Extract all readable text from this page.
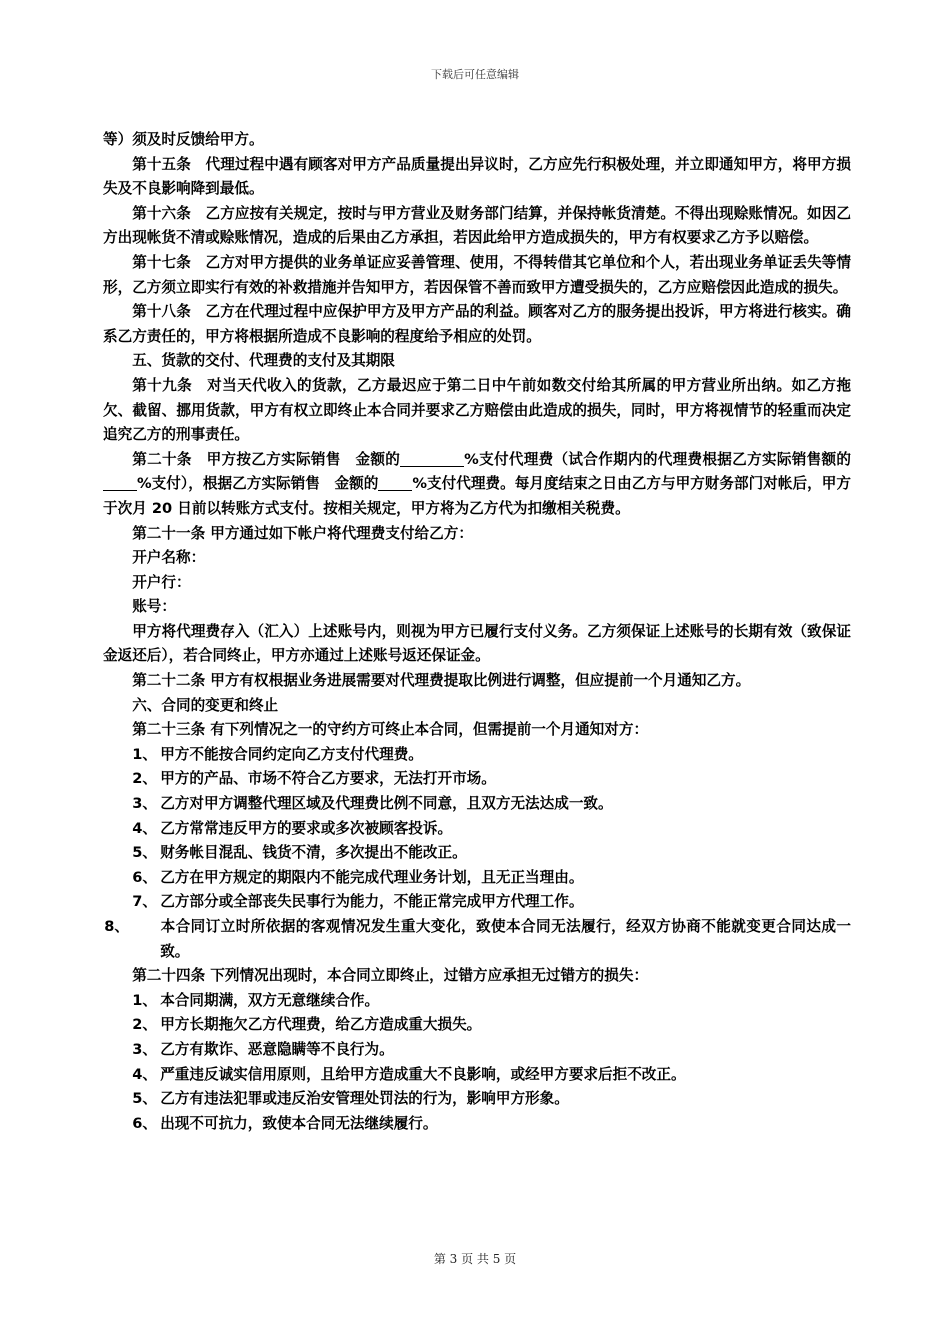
下载后可任意编辑

等）须及时反馈给甲方。

第十五条　代理过程中遇有顾客对甲方产品质量提出异议时，乙方应先行积极处理，并立即通知甲方，将甲方损失及不良影响降到最低。

第十六条　乙方应按有关规定，按时与甲方营业及财务部门结算，并保持帐货清楚。不得出现赊账情况。如因乙方出现帐货不清或赊账情况，造成的后果由乙方承担，若因此给甲方造成损失的，甲方有权要求乙方予以赔偿。

第十七条　乙方对甲方提供的业务单证应妥善管理、使用，不得转借其它单位和个人，若出现业务单证丢失等情形，乙方须立即实行有效的补救措施并告知甲方，若因保管不善而致甲方遭受损失的，乙方应赔偿因此造成的损失。

第十八条　乙方在代理过程中应保护甲方及甲方产品的利益。顾客对乙方的服务提出投诉，甲方将进行核实。确系乙方责任的，甲方将根据所造成不良影响的程度给予相应的处罚。

五、货款的交付、代理费的支付及其期限

第十九条　对当天代收入的货款，乙方最迟应于第二日中午前如数交付给其所属的甲方营业所出纳。如乙方拖欠、截留、挪用货款，甲方有权立即终止本合同并要求乙方赔偿由此造成的损失，同时，甲方将视情节的轻重而决定追究乙方的刑事责任。

第二十条　甲方按乙方实际销售　金额的	%支付代理费（试合作期内的代理费根据乙方实际销售额的%支付），根据乙方实际销售　金额的 %支付代理费。每月度结束之日由乙方与甲方财务部门对帐后，甲方于次月 20 日前以转账方式支付。按相关规定，甲方将为乙方代为扣缴相关税费。

第二十一条 甲方通过如下帐户将代理费支付给乙方：

开户名称：

开户行：

账号：

甲方将代理费存入（汇入）上述账号内，则视为甲方已履行支付义务。乙方须保证上述账号的长期有效（致保证金返还后），若合同终止，甲方亦通过上述账号返还保证金。

第二十二条 甲方有权根据业务进展需要对代理费提取比例进行调整，但应提前一个月通知乙方。

六、合同的变更和终止

第二十三条 有下列情况之一的守约方可终止本合同，但需提前一个月通知对方：

1、 甲方不能按合同约定向乙方支付代理费。

2、 甲方的产品、市场不符合乙方要求，无法打开市场。

3、 乙方对甲方调整代理区域及代理费比例不同意，且双方无法达成一致。

4、 乙方常常违反甲方的要求或多次被顾客投诉。

5、 财务帐目混乱、钱货不清，多次提出不能改正。

6、 乙方在甲方规定的期限内不能完成代理业务计划，且无正当理由。

7、 乙方部分或全部丧失民事行为能力，不能正常完成甲方代理工作。

8、 本合同订立时所依据的客观情况发生重大变化，致使本合同无法履行，经双方协商不能就变更合同达成一致。

第二十四条 下列情况出现时，本合同立即终止，过错方应承担无过错方的损失：

1、 本合同期满，双方无意继续合作。

2、 甲方长期拖欠乙方代理费，给乙方造成重大损失。

3、 乙方有欺诈、恶意隐瞒等不良行为。

4、 严重违反诚实信用原则，且给甲方造成重大不良影响，或经甲方要求后拒不改正。

5、 乙方有违法犯罪或违反治安管理处罚法的行为，影响甲方形象。

6、 出现不可抗力，致使本合同无法继续履行。

第 3 页 共 5 页
